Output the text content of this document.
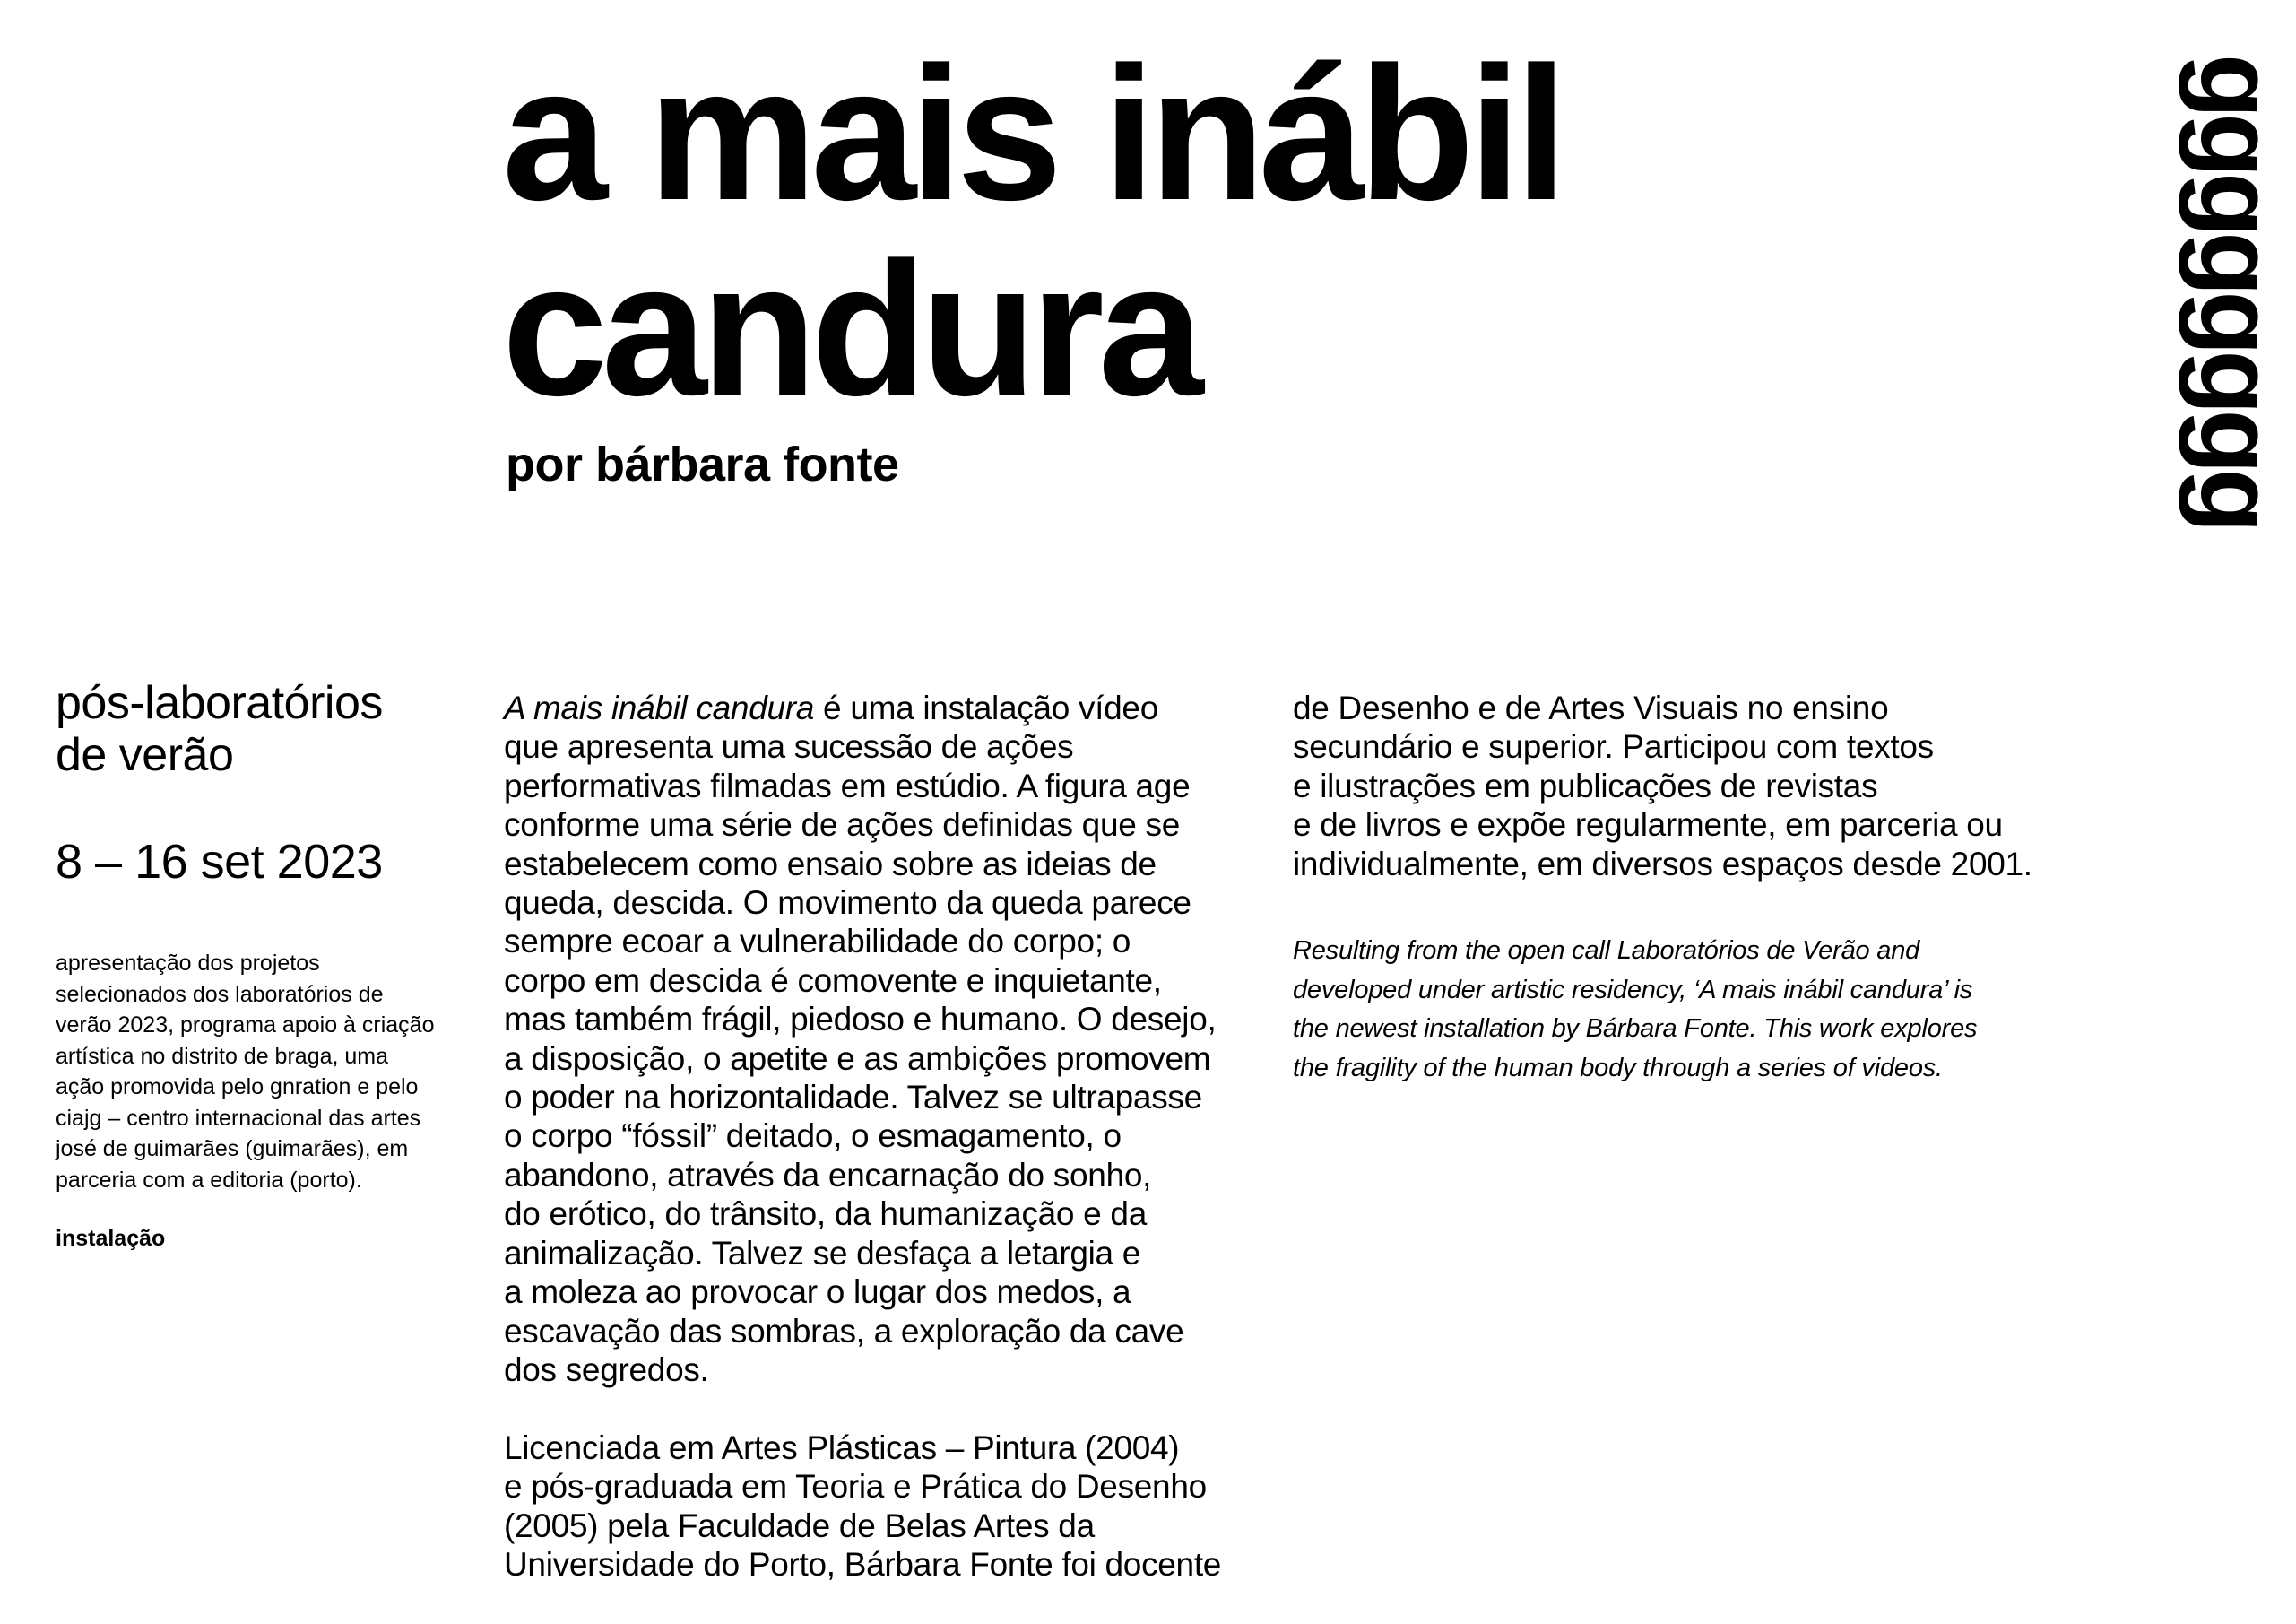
a mais inábil
candura
por bárbara fonte	gggggggg
pós-laboratórios
de verão
8 – 16 set 2023
apresentação dos projetos
selecionados dos laboratórios de
verão 2023, programa apoio à criação
artística no distrito de braga, uma
ação promovida pelo gnration e pelo
ciajg – centro internacional das artes
josé de guimarães (guimarães), em
parceria com a editoria (porto).
instalação
A mais inábil candura é uma instalação vídeo
que apresenta uma sucessão de ações
performativas filmadas em estúdio. A figura age
conforme uma série de ações definidas que se
estabelecem como ensaio sobre as ideias de
queda, descida. O movimento da queda parece
sempre ecoar a vulnerabilidade do corpo; o
corpo em descida é comovente e inquietante,
mas também frágil, piedoso e humano. O desejo,
a disposição, o apetite e as ambições promovem
o poder na horizontalidade. Talvez se ultrapasse
o corpo “fóssil” deitado, o esmagamento, o
abandono, através da encarnação do sonho,
do erótico, do trânsito, da humanização e da
animalização. Talvez se desfaça a letargia e
a moleza ao provocar o lugar dos medos, a
escavação das sombras, a exploração da cave
dos segredos.
Licenciada em Artes Plásticas – Pintura (2004)
e pós-graduada em Teoria e Prática do Desenho
(2005) pela Faculdade de Belas Artes da
Universidade do Porto, Bárbara Fonte foi docente
de Desenho e de Artes Visuais no ensino
secundário e superior. Participou com textos
e ilustrações em publicações de revistas
e de livros e expõe regularmente, em parceria ou
individualmente, em diversos espaços desde 2001.
Resulting from the open call Laboratórios de Verão and
developed under artistic residency, ‘A mais inábil candura’ is
the newest installation by Bárbara Fonte. This work explores
the fragility of the human body through a series of videos.
